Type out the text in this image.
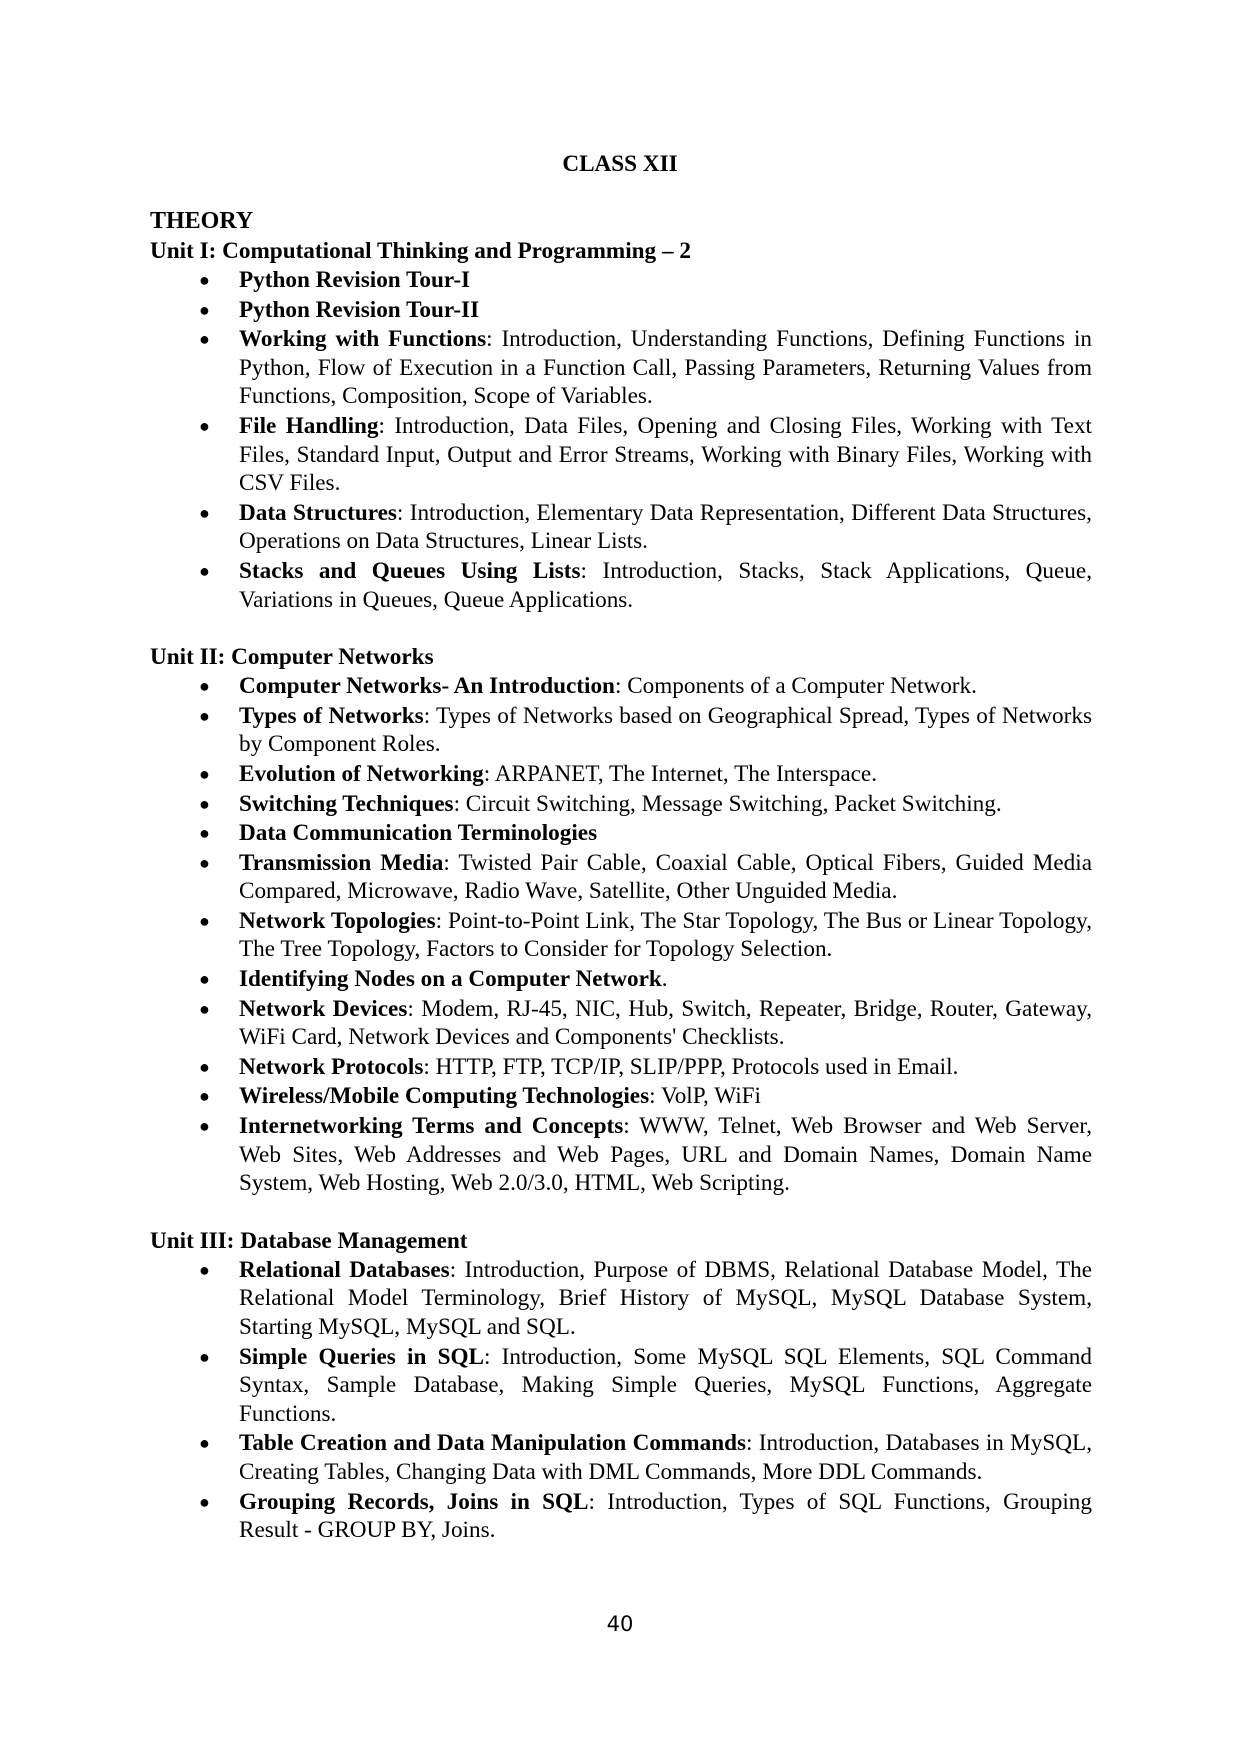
CLASS XII
THEORY
Unit I: Computational Thinking and Programming – 2
● Python Revision Tour-I
● Python Revision Tour-II
● Working with Functions: Introduction, Understanding Functions, Defining Functions in Python, Flow of Execution in a Function Call, Passing Parameters, Returning Values from Functions, Composition, Scope of Variables.
● File Handling: Introduction, Data Files, Opening and Closing Files, Working with Text Files, Standard Input, Output and Error Streams, Working with Binary Files, Working with CSV Files.
● Data Structures: Introduction, Elementary Data Representation, Different Data Structures, Operations on Data Structures, Linear Lists.
● Stacks and Queues Using Lists: Introduction, Stacks, Stack Applications, Queue, Variations in Queues, Queue Applications.
Unit II: Computer Networks
● Computer Networks- An Introduction: Components of a Computer Network.
● Types of Networks: Types of Networks based on Geographical Spread, Types of Networks by Component Roles.
● Evolution of Networking: ARPANET, The Internet, The Interspace.
● Switching Techniques: Circuit Switching, Message Switching, Packet Switching.
● Data Communication Terminologies
● Transmission Media: Twisted Pair Cable, Coaxial Cable, Optical Fibers, Guided Media Compared, Microwave, Radio Wave, Satellite, Other Unguided Media.
● Network Topologies: Point-to-Point Link, The Star Topology, The Bus or Linear Topology, The Tree Topology, Factors to Consider for Topology Selection.
● Identifying Nodes on a Computer Network.
● Network Devices: Modem, RJ-45, NIC, Hub, Switch, Repeater, Bridge, Router, Gateway, WiFi Card, Network Devices and Components' Checklists.
● Network Protocols: HTTP, FTP, TCP/IP, SLIP/PPP, Protocols used in Email.
● Wireless/Mobile Computing Technologies: VolP, WiFi
● Internetworking Terms and Concepts: WWW, Telnet, Web Browser and Web Server, Web Sites, Web Addresses and Web Pages, URL and Domain Names, Domain Name System, Web Hosting, Web 2.0/3.0, HTML, Web Scripting.
Unit III: Database Management
● Relational Databases: Introduction, Purpose of DBMS, Relational Database Model, The Relational Model Terminology, Brief History of MySQL, MySQL Database System, Starting MySQL, MySQL and SQL.
● Simple Queries in SQL: Introduction, Some MySQL SQL Elements, SQL Command Syntax, Sample Database, Making Simple Queries, MySQL Functions, Aggregate Functions.
● Table Creation and Data Manipulation Commands: Introduction, Databases in MySQL, Creating Tables, Changing Data with DML Commands, More DDL Commands.
● Grouping Records, Joins in SQL: Introduction, Types of SQL Functions, Grouping Result - GROUP BY, Joins.
40
